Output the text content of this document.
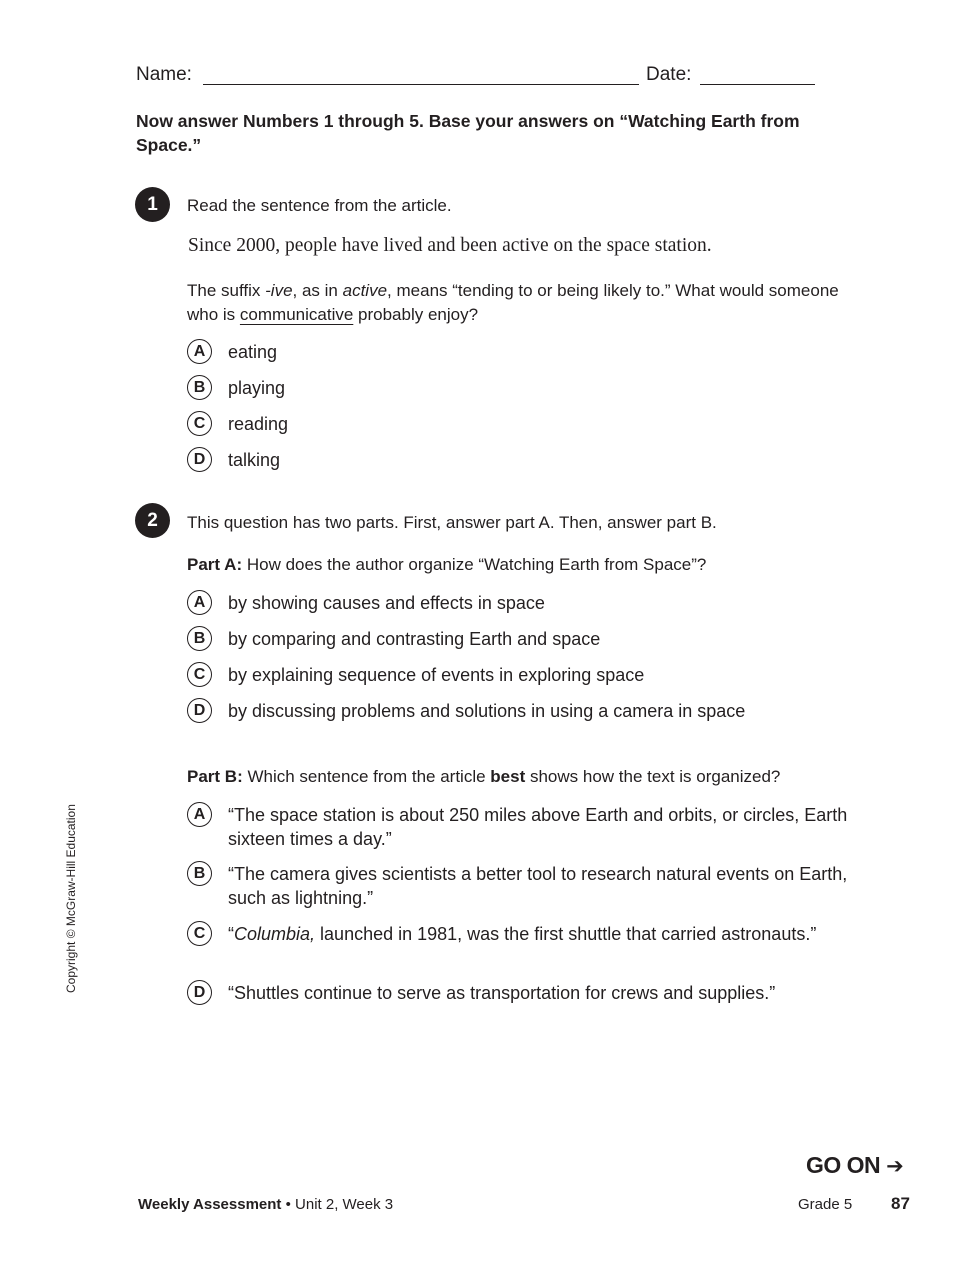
Name:	Date:
Now answer Numbers 1 through 5. Base your answers on “Watching Earth from Space.”
1	Read the sentence from the article.
Since 2000, people have lived and been active on the space station.
The suffix -ive, as in active, means “tending to or being likely to.” What would someone who is communicative probably enjoy?
A	eating
B	playing
C	reading
D	talking
2	This question has two parts. First, answer part A. Then, answer part B.
Part A: How does the author organize “Watching Earth from Space”?
A	by showing causes and effects in space
B	by comparing and contrasting Earth and space
C	by explaining sequence of events in exploring space
D	by discussing problems and solutions in using a camera in space
Part B: Which sentence from the article best shows how the text is organized?
A	“The space station is about 250 miles above Earth and orbits, or circles, Earth sixteen times a day.”
B	“The camera gives scientists a better tool to research natural events on Earth, such as lightning.”
C	“Columbia, launched in 1981, was the first shuttle that carried astronauts.”
D	“Shuttles continue to serve as transportation for crews and supplies.”
Copyright © McGraw-Hill Education
GO ON ➔
Weekly Assessment • Unit 2, Week 3	Grade 5 87
